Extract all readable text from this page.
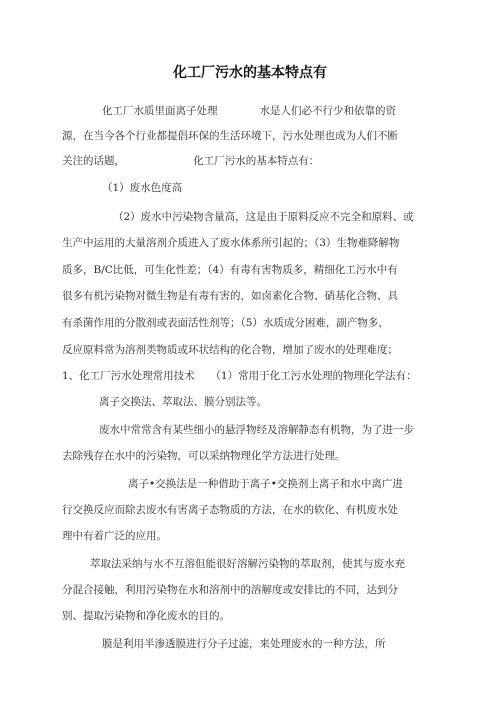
化工厂污水的基本特点有
化工厂水质里面离子处理　　　　水是人们必不行少和依靠的资
源，在当今各个行业都提倡环保的生活环境下，污水处理也成为人们不断
关注的话题，　　　　　　　化工厂污水的基本特点有：
（1）废水色度高
（2）废水中污染物含量高，这是由于原料反应不完全和原料、或
生产中运用的大量溶剂介质进入了废水体系所引起的；（3）生物难降解物
质多，B/C比低，可生化性差；（4）有毒有害物质多，精细化工污水中有
很多有机污染物对微生物是有毒有害的，如卤素化合物、硝基化合物、具
有杀菌作用的分散剂或表面活性剂等；（5）水质成分困难，副产物多，
反应原料常为溶剂类物质或环状结构的化合物，增加了废水的处理难度；
1、化工厂污水处理常用技术　　（1）常用于化工污水处理的物理化学法有：
离子交换法、萃取法、膜分别法等。
废水中常常含有某些细小的悬浮物经及溶解静态有机物，为了进一步
去除残存在水中的污染物，可以采纳物理化学方法进行处理。
离子•交换法是一种借助于离子•交换剂上离子和水中离广进
行交换反应而除去废水有害离子态物质的方法，在水的软化、有机废水处
理中有着广泛的应用。
萃取法采纳与水不互溶但能很好溶解污染物的萃取剂，使其与废水充
分混合接触，利用污染物在水和溶剂中的溶解度或安排比的不同，达到分
别、提取污染物和净化废水的目的。
膜是利用半渗透膜进行分子过滤，来处理废水的一种方法，所
